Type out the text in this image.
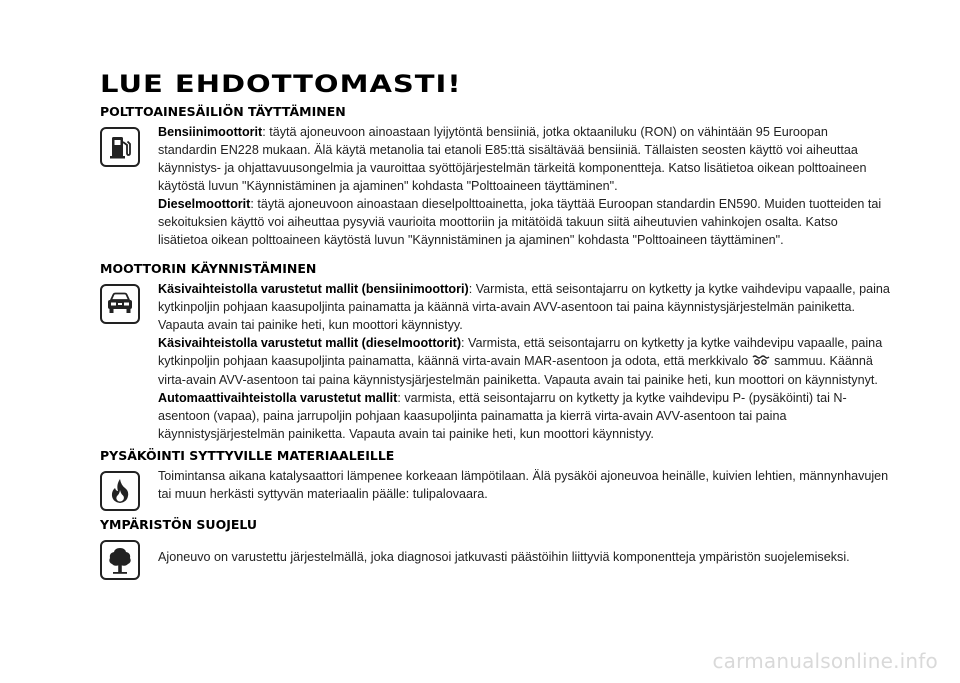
LUE EHDOTTOMASTI!
POLTTOAINESÄILIÖN TÄYTTÄMINEN

Bensiinimoottorit: täytä ajoneuvoon ainoastaan lyijytöntä bensiiniä, jotka oktaaniluku (RON) on vähintään 95 Euroopan standardin EN228 mukaan. Älä käytä metanolia tai etanoli E85:ttä sisältävää bensiiniä. Tällaisten seosten käyttö voi aiheuttaa käynnistys- ja ohjattavuusongelmia ja vauroittaa syöttöjärjestelmän tärkeitä komponentteja. Katso lisätietoa oikean polttoaineen käytöstä luvun "Käynnistäminen ja ajaminen" kohdasta "Polttoaineen täyttäminen".

Dieselmoottorit: täytä ajoneuvoon ainoastaan dieselpolttoainetta, joka täyttää Euroopan standardin EN590. Muiden tuotteiden tai sekoituksien käyttö voi aiheuttaa pysyviä vaurioita moottoriin ja mitätöidä takuun siitä aiheutuvien vahinkojen osalta. Katso lisätietoa oikean polttoaineen käytöstä luvun "Käynnistäminen ja ajaminen" kohdasta "Polttoaineen täyttäminen".

MOOTTORIN KÄYNNISTÄMINEN

Käsivaihteistolla varustetut mallit (bensiinimoottori): Varmista, että seisontajarru on kytketty ja kytke vaihdevipu vapaalle, paina kytkinpoljin pohjaan kaasupoljinta painamatta ja käännä virta-avain AVV-asentoon tai paina käynnistysjärjestelmän painiketta. Vapauta avain tai painike heti, kun moottori käynnistyy.

Käsivaihteistolla varustetut mallit (dieselmoottorit): Varmista, että seisontajarru on kytketty ja kytke vaihdevipu vapaalle, paina kytkinpoljin pohjaan kaasupoljinta painamatta, käännä virta-avain MAR-asentoon ja odota, että merkkivalo sammuu. Käännä virta-avain AVV-asentoon tai paina käynnistysjärjestelmän painiketta. Vapauta avain tai painike heti, kun moottori on käynnistynyt.

Automaattivaihteistolla varustetut mallit: varmista, että seisontajarru on kytketty ja kytke vaihdevipu P- (pysäköinti) tai N-asentoon (vapaa), paina jarrupoljin pohjaan kaasupoljinta painamatta ja kierrä virta-avain AVV-asentoon tai paina käynnistysjärjestelmän painiketta. Vapauta avain tai painike heti, kun moottori käynnistyy.

PYSÄKÖINTI SYTTYVILLE MATERIAALEILLE
Toimintansa aikana katalysaattori lämpenee korkeaan lämpötilaan. Älä pysäköi ajoneuvoa heinälle, kuivien lehtien, männynhavujen tai muun herkästi syttyvän materiaalin päälle: tulipalovaara.
YMPÄRISTÖN SUOJELU
Ajoneuvo on varustettu järjestelmällä, joka diagnosoi jatkuvasti päästöihin liittyviä komponentteja ympäristön suojelemiseksi.
carmanualsonline.info
